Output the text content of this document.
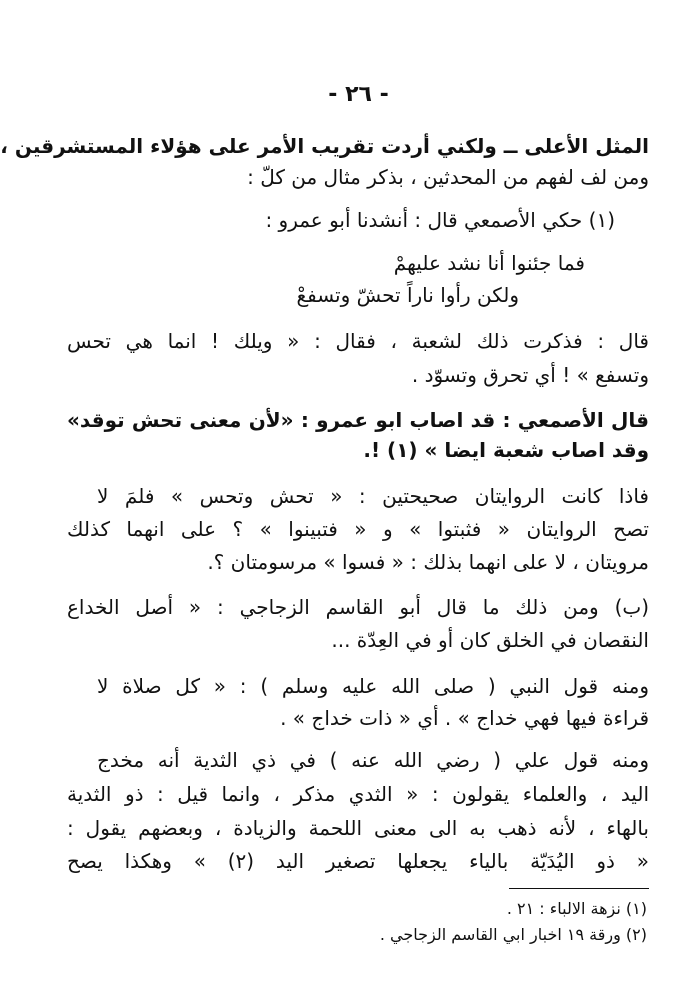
- ٢٦ -
المثل الأعلى ــ ولكني أردت تقريب الأمر على هؤلاء المستشرقين ،
ومن لف لفهم من المحدثين ، بذكر مثال من كلّ :
(١) حكي الأصمعي قال : أنشدنا أبو عمرو :
فما جئنوا أنا نشد عليهمْ
ولكن رأوا ناراً تحشّ وتسفعْ
قال : فذكرت ذلك لشعبة ، فقال : « ويلك ! انما هي تحس
وتسفع » ! أي تحرق وتسوّد .
قال الأصمعي : قد اصاب ابو عمرو : «لأن معنى تحش توقد»
وقد اصاب شعبة ايضا » (١) !.
فاذا كانت الروايتان صحيحتين : « تحش وتحس » فلمَ لا
تصح الروايتان « فثبتوا » و « فتبينوا » ؟ على انهما كذلك
مرويتان ، لا على انهما بذلك : « فسوا » مرسومتان ؟.
(ب) ومن ذلك ما قال أبو القاسم الزجاجي : « أصل الخداع
النقصان في الخلق كان أو في العِدّة ...
ومنه قول النبي ( صلى الله عليه وسلم ) : « كل صلاة لا
قراءة فيها فهي خداج » . أي « ذات خداج » .
ومنه قول علي ( رضي الله عنه ) في ذي الثدية أنه مخدج
اليد ، والعلماء يقولون : « الثدي مذكر ، وانما قيل : ذو الثدية
بالهاء ، لأنه ذهب به الى معنى اللحمة والزيادة ، وبعضهم يقول :
« ذو اليُدَيّة بالياء يجعلها تصغير اليد (٢) » وهكذا يصح
(١) نزهة الالباء : ٢١ .
(٢) ورقة ١٩ اخبار ابي القاسم الزجاجي .
